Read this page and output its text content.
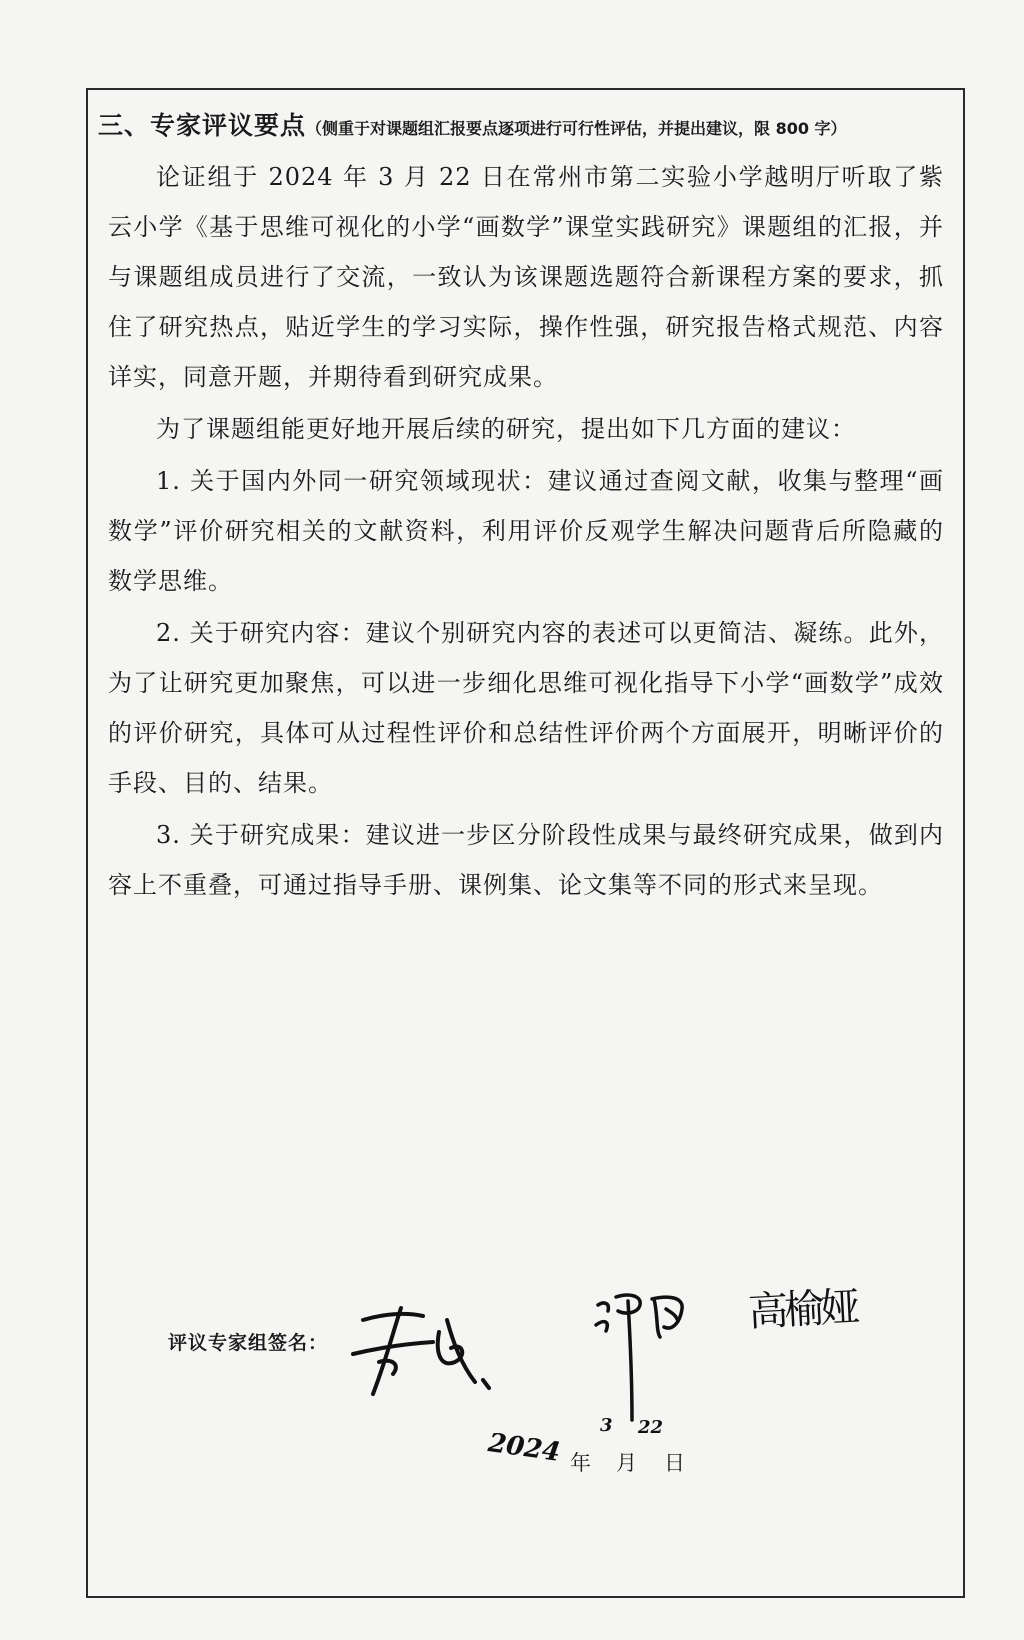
三、专家评议要点（侧重于对课题组汇报要点逐项进行可行性评估，并提出建议，限 800 字）

论证组于 2024 年 3 月 22 日在常州市第二实验小学越明厅听取了紫云小学《基于思维可视化的小学“画数学”课堂实践研究》课题组的汇报，并与课题组成员进行了交流，一致认为该课题选题符合新课程方案的要求，抓住了研究热点，贴近学生的学习实际，操作性强，研究报告格式规范、内容详实，同意开题，并期待看到研究成果。

为了课题组能更好地开展后续的研究，提出如下几方面的建议：

1. 关于国内外同一研究领域现状：建议通过查阅文献，收集与整理“画数学”评价研究相关的文献资料，利用评价反观学生解决问题背后所隐藏的数学思维。

2. 关于研究内容：建议个别研究内容的表述可以更简洁、凝练。此外，为了让研究更加聚焦，可以进一步细化思维可视化指导下小学“画数学”成效的评价研究，具体可从过程性评价和总结性评价两个方面展开，明晰评价的手段、目的、结果。

3. 关于研究成果：建议进一步区分阶段性成果与最终研究成果，做到内容上不重叠，可通过指导手册、课例集、论文集等不同的形式来呈现。

评议专家组签名：
高榆娅
2024 年
3
月
22
日
